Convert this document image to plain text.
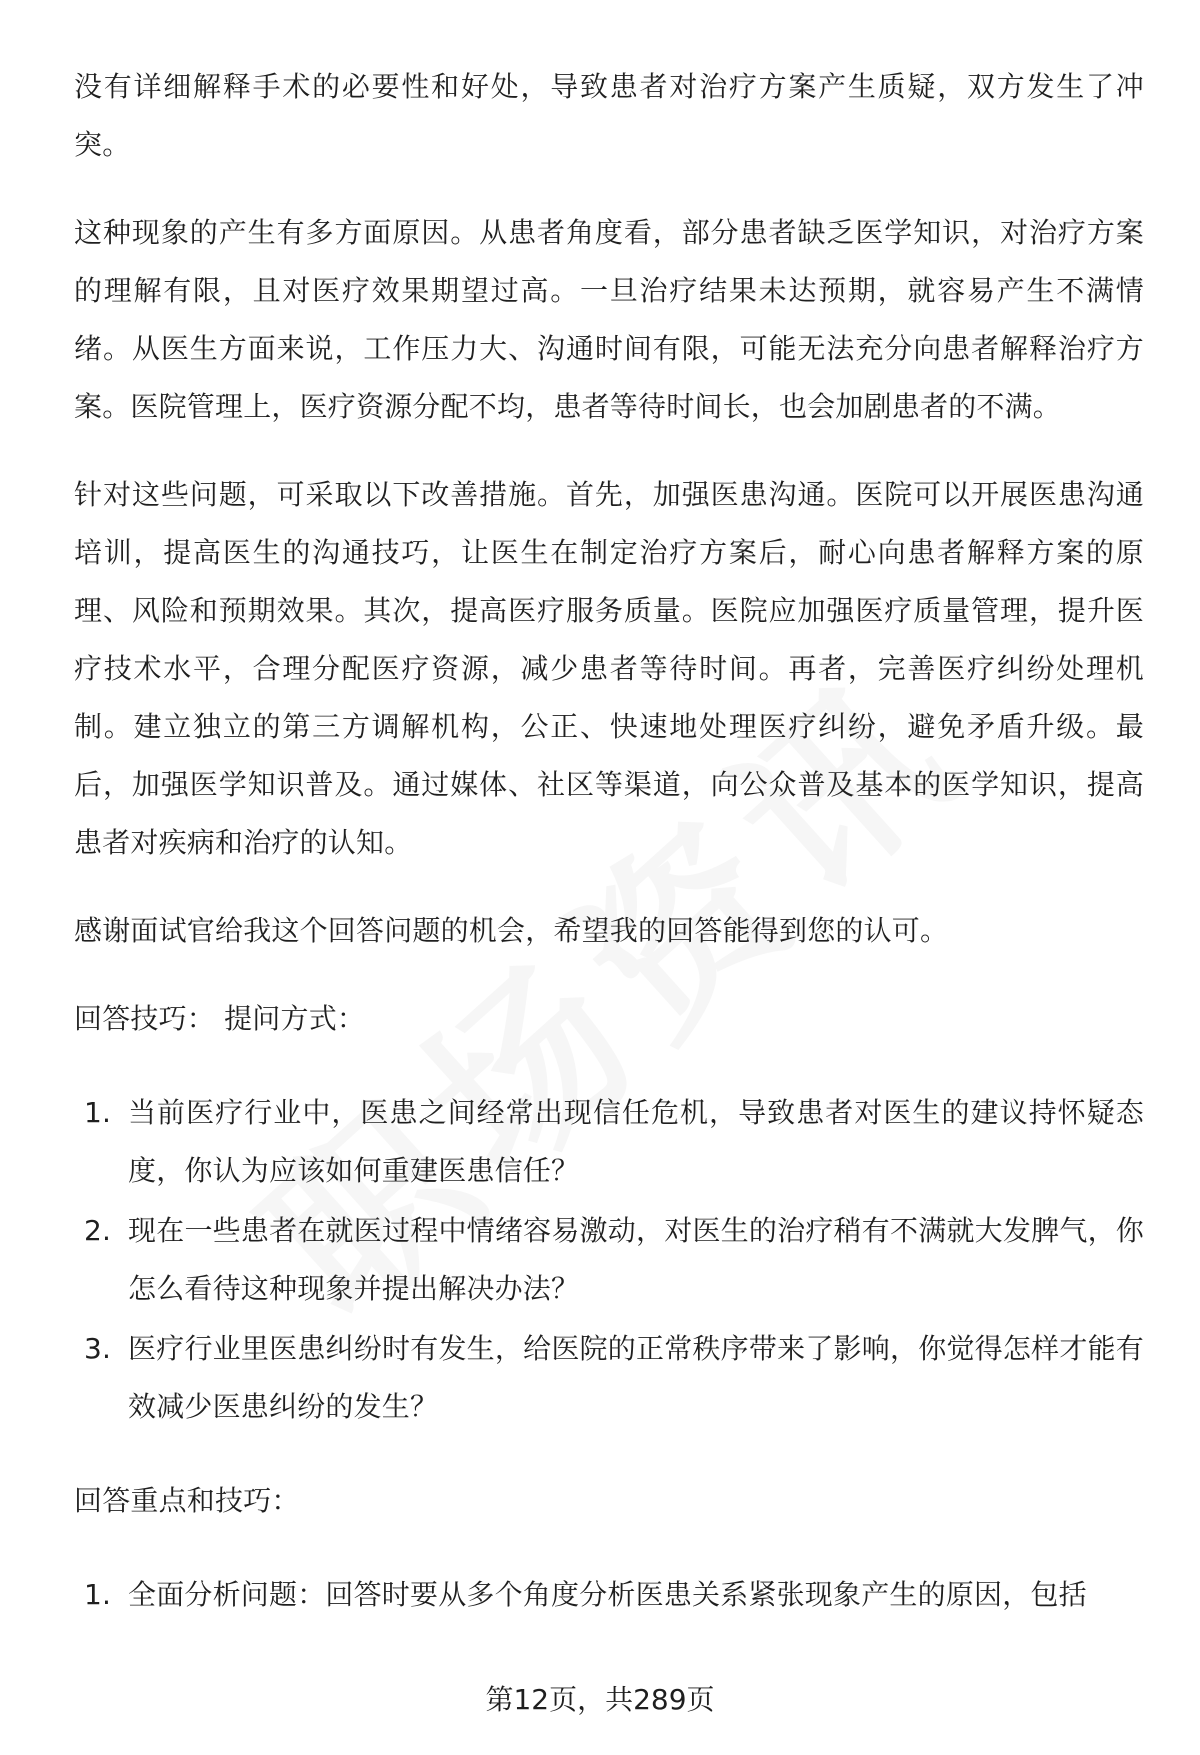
没有详细解释手术的必要性和好处，导致患者对治疗方案产生质疑，双方发生了冲突。

这种现象的产生有多方面原因。从患者角度看，部分患者缺乏医学知识，对治疗方案的理解有限，且对医疗效果期望过高。一旦治疗结果未达预期，就容易产生不满情绪。从医生方面来说，工作压力大、沟通时间有限，可能无法充分向患者解释治疗方案。医院管理上，医疗资源分配不均，患者等待时间长，也会加剧患者的不满。

针对这些问题，可采取以下改善措施。首先，加强医患沟通。医院可以开展医患沟通培训，提高医生的沟通技巧，让医生在制定治疗方案后，耐心向患者解释方案的原理、风险和预期效果。其次，提高医疗服务质量。医院应加强医疗质量管理，提升医疗技术水平，合理分配医疗资源，减少患者等待时间。再者，完善医疗纠纷处理机制。建立独立的第三方调解机构，公正、快速地处理医疗纠纷，避免矛盾升级。最后，加强医学知识普及。通过媒体、社区等渠道，向公众普及基本的医学知识，提高患者对疾病和治疗的认知。

感谢面试官给我这个回答问题的机会，希望我的回答能得到您的认可。

回答技巧： 提问方式：

1. 当前医疗行业中，医患之间经常出现信任危机，导致患者对医生的建议持怀疑态度，你认为应该如何重建医患信任？
2. 现在一些患者在就医过程中情绪容易激动，对医生的治疗稍有不满就大发脾气，你怎么看待这种现象并提出解决办法？
3. 医疗行业里医患纠纷时有发生，给医院的正常秩序带来了影响，你觉得怎样才能有效减少医患纠纷的发生？

回答重点和技巧：

1. 全面分析问题：回答时要从多个角度分析医患关系紧张现象产生的原因，包括
第12页，共289页
